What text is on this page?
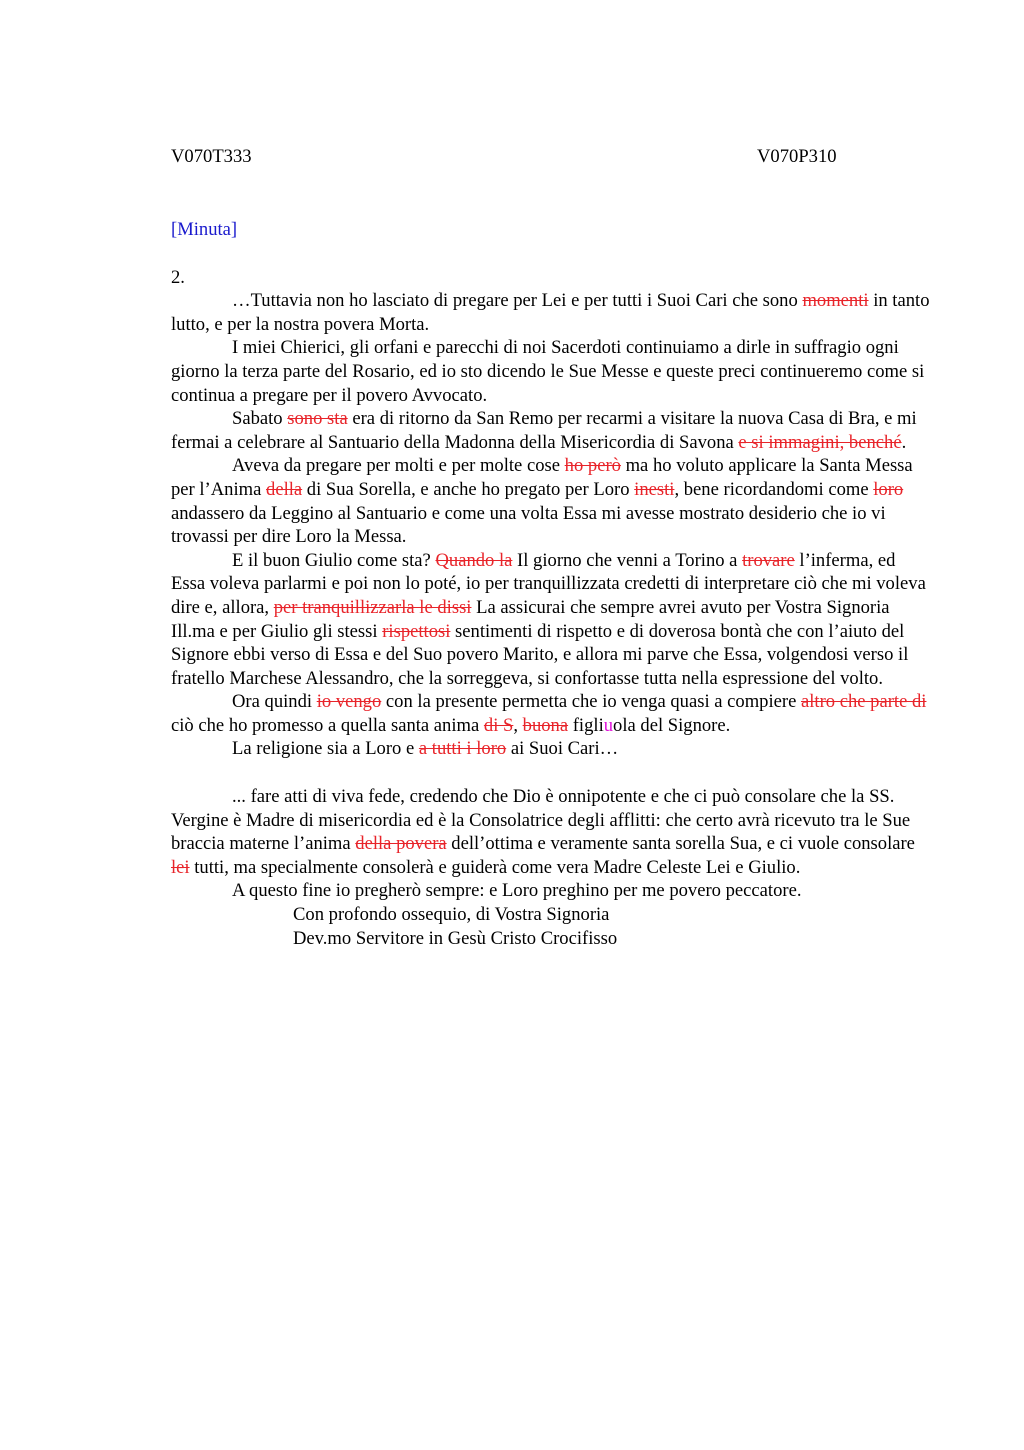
V070T333	V070P310
[Minuta]
2.

…Tuttavia non ho lasciato di pregare per Lei e per tutti i Suoi Cari che sono momenti in tanto lutto, e per la nostra povera Morta.

I miei Chierici, gli orfani e parecchi di noi Sacerdoti continuiamo a dirle in suffragio ogni giorno la terza parte del Rosario, ed io sto dicendo le Sue Messe e queste preci continueremo come si continua a pregare per il povero Avvocato.

Sabato sono sta era di ritorno da San Remo per recarmi a visitare la nuova Casa di Bra, e mi fermai a celebrare al Santuario della Madonna della Misericordia di Savona e si immagini, benché.

Aveva da pregare per molti e per molte cose ho però ma ho voluto applicare la Santa Messa per l’Anima della di Sua Sorella, e anche ho pregato per Loro inesti, bene ricordandomi come loro andassero da Leggino al Santuario e come una volta Essa mi avesse mostrato desiderio che io vi trovassi per dire Loro la Messa.

E il buon Giulio come sta? Quando la Il giorno che venni a Torino a trovare l’inferma, ed Essa voleva parlarmi e poi non lo poté, io per tranquillizzata credetti di interpretare ciò che mi voleva dire e, allora, per tranquillizzarla le dissi La assicurai che sempre avrei avuto per Vostra Signoria Ill.ma e per Giulio gli stessi rispettosi sentimenti di rispetto e di doverosa bontà che con l’aiuto del Signore ebbi verso di Essa e del Suo povero Marito, e allora mi parve che Essa, volgendosi verso il fratello Marchese Alessandro, che la sorreggeva, si confortasse tutta nella espressione del volto.

Ora quindi io vengo con la presente permetta che io venga quasi a compiere altro che parte di ciò che ho promesso a quella santa anima di S, buona figliuola del Signore.

La religione sia a Loro e a tutti i loro ai Suoi Cari…

... fare atti di viva fede, credendo che Dio è onnipotente e che ci può consolare che la SS. Vergine è Madre di misericordia ed è la Consolatrice degli afflitti: che certo avrà ricevuto tra le Sue braccia materne l’anima della povera dell’ottima e veramente santa sorella Sua, e ci vuole consolare lei tutti, ma specialmente consolerà e guiderà come vera Madre Celeste Lei e Giulio.

A questo fine io pregherò sempre: e Loro preghino per me povero peccatore.

Con profondo ossequio, di Vostra Signoria

Dev.mo Servitore in Gesù Cristo Crocifisso
